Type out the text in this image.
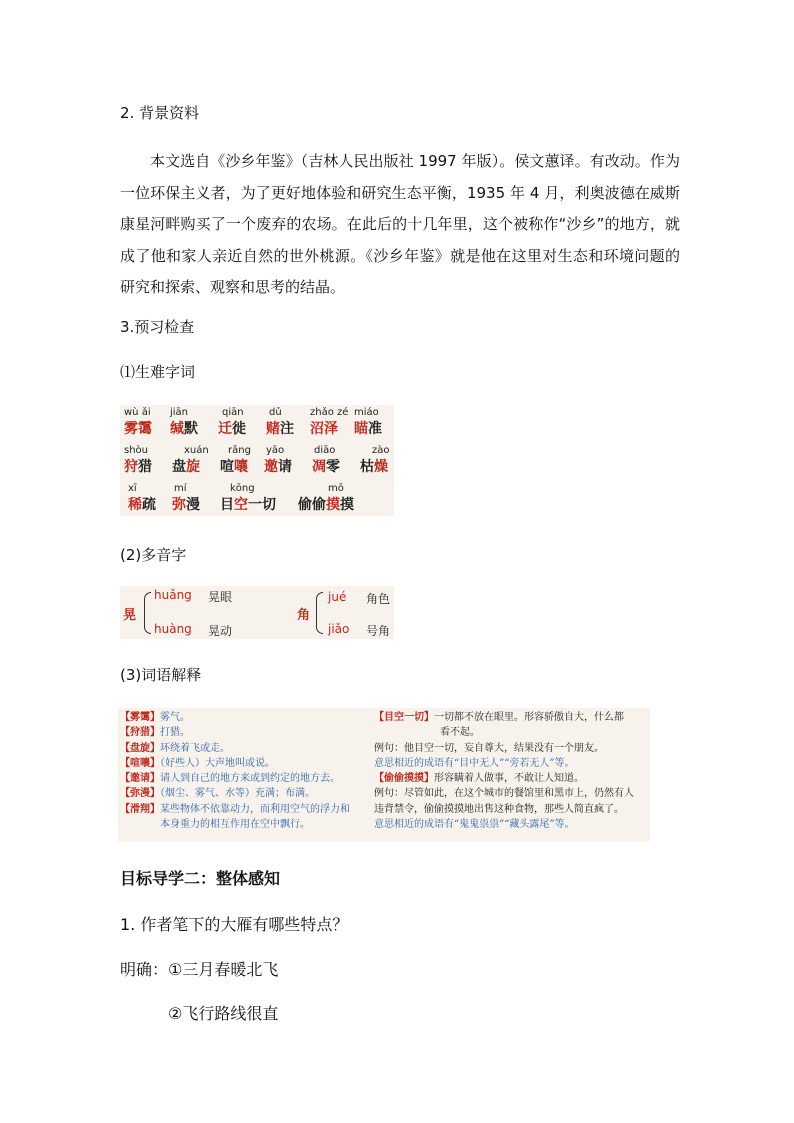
2. 背景资料
本文选自《沙乡年鉴》（吉林人民出版社 1997 年版）。侯文蕙译。有改动。作为一位环保主义者，为了更好地体验和研究生态平衡，1935 年 4 月，利奥波德在威斯康星河畔购买了一个废弃的农场。在此后的十几年里，这个被称作“沙乡”的地方，就成了他和家人亲近自然的世外桃源。《沙乡年鉴》就是他在这里对生态和环境问题的研究和探索、观察和思考的结晶。
3.预习检查
⑴生难字词
wù ǎi
雾霭
jiān
缄默
qiān
迁徙
dǔ
赌注
zhǎo zé
沼泽
miáo
瞄准
shòu
狩猎
xuán
盘旋
rǎng
喧嚷
yāo
邀请
diāo
凋零
zào
枯燥
xī
稀疏
mí
弥漫
kōng
目空一切
mō
偷偷摸摸
(2)多音字
晃
huǎng 晃眼
huàng 晃动
角
jué 角色
jiǎo 号角
(3)词语解释
【雾霭】雾气。
【狩猎】打猎。
【盘旋】环绕着飞或走。
【喧嚷】（好些人）大声地叫或说。
【邀请】请人到自己的地方来或到约定的地方去。
【弥漫】（烟尘、雾气、水等）充满；布满。
【滑翔】某些物体不依靠动力，而利用空气的浮力和
本身重力的相互作用在空中飘行。
【目空一切】一切都不放在眼里。形容骄傲自大，什么都
看不起。
例句：他目空一切，妄自尊大，结果没有一个朋友。
意思相近的成语有“目中无人”“旁若无人”等。
【偷偷摸摸】形容瞒着人做事，不敢让人知道。
例句：尽管如此，在这个城市的餐馆里和黑市上，仍然有人
违背禁令，偷偷摸摸地出售这种食物，那些人简直疯了。
意思相近的成语有“鬼鬼祟祟”“藏头露尾”等。
目标导学二：整体感知
1. 作者笔下的大雁有哪些特点？
明确：①三月春暖北飞
②飞行路线很直
